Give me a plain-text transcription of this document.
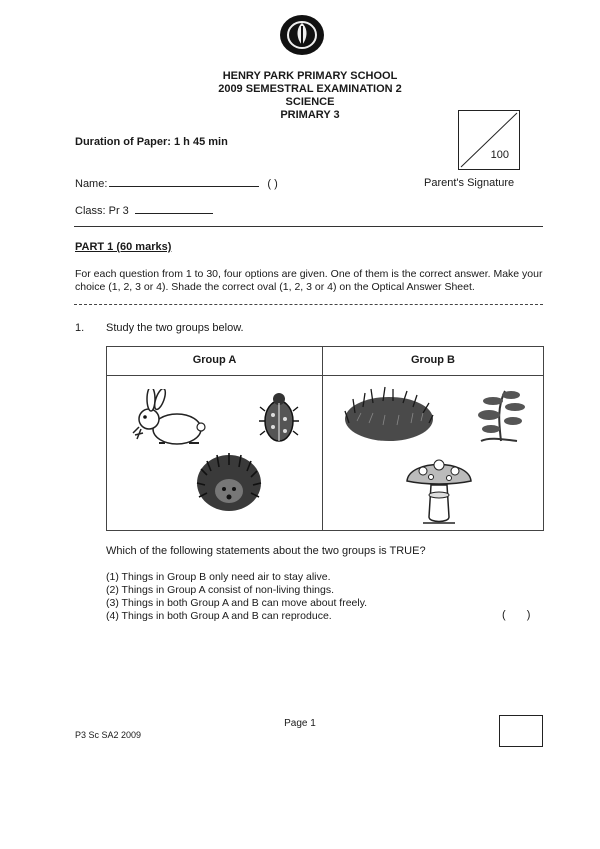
HENRY PARK PRIMARY SCHOOL
2009 SEMESTRAL EXAMINATION 2
SCIENCE
PRIMARY 3
100
Duration of Paper: 1 h 45 min
Name:	( )	Parent's Signature
Class: Pr 3
PART 1 (60 marks)
For each question from 1 to 30, four options are given. One of them is the correct answer. Make your choice (1, 2, 3 or 4). Shade the correct oval (1, 2, 3 or 4) on the Optical Answer Sheet.
1. Study the two groups below.
Group A	Group B
Which of the following statements about the two groups is TRUE?
(1) Things in Group B only need air to stay alive.
(2) Things in Group A consist of non-living things.
(3) Things in both Group A and B can move about freely.
(4) Things in both Group A and B can reproduce.	( )
Page 1
P3 Sc SA2 2009
